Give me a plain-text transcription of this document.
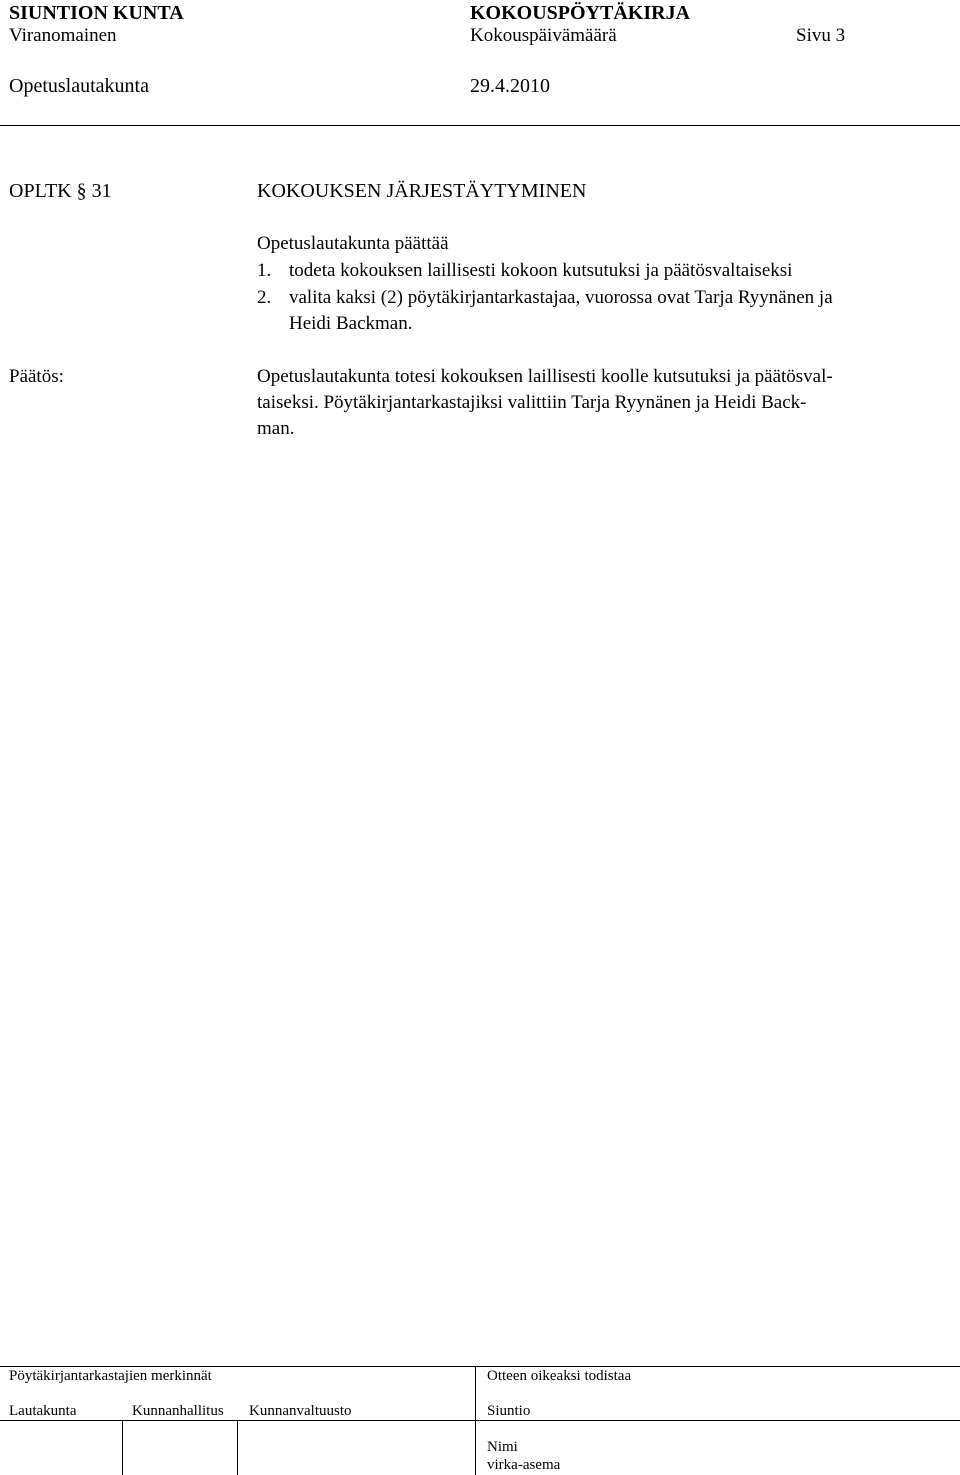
SIUNTION KUNTA	KOKOUSPÖYTÄKIRJA
Viranomainen	Kokouspäivämäärä	Sivu 3
Opetuslautakunta	29.4.2010
OPLTK § 31	KOKOUKSEN JÄRJESTÄYTYMINEN
Opetuslautakunta päättää
1. todeta kokouksen laillisesti kokoon kutsutuksi ja päätösvaltaiseksi
2. valita kaksi (2) pöytäkirjantarkastajaa, vuorossa ovat Tarja Ryynänen ja
Heidi Backman.
Päätös:	Opetuslautakunta totesi kokouksen laillisesti koolle kutsutuksi ja päätösval-
taiseksi. Pöytäkirjantarkastajiksi valittiin Tarja Ryynänen ja Heidi Back-
man.
Pöytäkirjantarkastajien merkinnät	Otteen oikeaksi todistaa
Lautakunta	Kunnanhallitus Kunnanvaltuusto	Siuntio
Nimi
virka-asema
